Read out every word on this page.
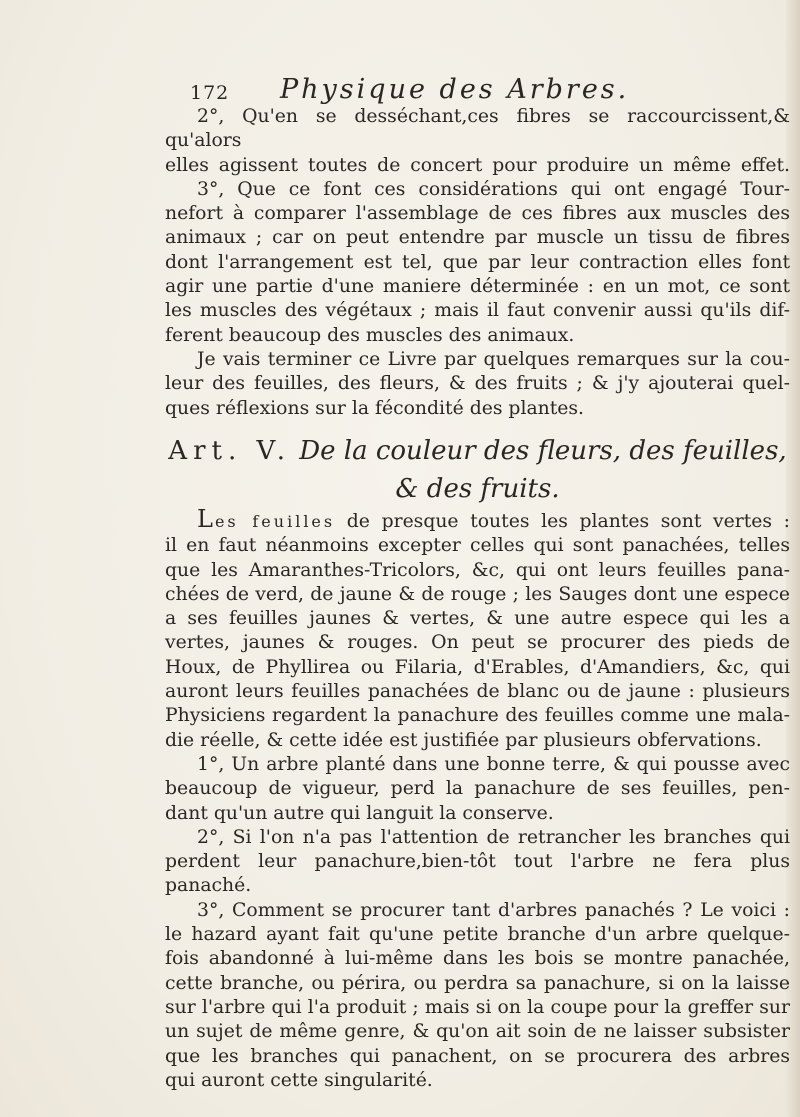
172 Physique des Arbres.

2°, Qu'en se desséchant,ces fibres se raccourcissent,& qu'alors

elles agissent toutes de concert pour produire un même effet.

3°, Que ce font ces considérations qui ont engagé Tour-

nefort à comparer l'assemblage de ces fibres aux muscles des

animaux ; car on peut entendre par muscle un tissu de fibres

dont l'arrangement est tel, que par leur contraction elles font

agir une partie d'une maniere déterminée : en un mot, ce sont

les muscles des végétaux ; mais il faut convenir aussi qu'ils dif-

ferent beaucoup des muscles des animaux.

Je vais terminer ce Livre par quelques remarques sur la cou-

leur des feuilles, des fleurs, & des fruits ; & j'y ajouterai quel-

ques réflexions sur la fécondité des plantes.

Art. V. De la couleur des fleurs, des feuilles,
& des fruits.

Les feuilles de presque toutes les plantes sont vertes :

il en faut néanmoins excepter celles qui sont panachées, telles

que les Amaranthes-Tricolors, &c, qui ont leurs feuilles pana-

chées de verd, de jaune & de rouge ; les Sauges dont une espece

a ses feuilles jaunes & vertes, & une autre espece qui les a

vertes, jaunes & rouges. On peut se procurer des pieds de

Houx, de Phyllirea ou Filaria, d'Erables, d'Amandiers, &c, qui

auront leurs feuilles panachées de blanc ou de jaune : plusieurs

Physiciens regardent la panachure des feuilles comme une mala-

die réelle, & cette idée est justifiée par plusieurs obfervations.

1°, Un arbre planté dans une bonne terre, & qui pousse avec

beaucoup de vigueur, perd la panachure de ses feuilles, pen-

dant qu'un autre qui languit la conserve.

2°, Si l'on n'a pas l'attention de retrancher les branches qui

perdent leur panachure,bien-tôt tout l'arbre ne fera plus panaché.

3°, Comment se procurer tant d'arbres panachés ? Le voici :

le hazard ayant fait qu'une petite branche d'un arbre quelque-

fois abandonné à lui-même dans les bois se montre panachée,

cette branche, ou périra, ou perdra sa panachure, si on la laisse

sur l'arbre qui l'a produit ; mais si on la coupe pour la greffer sur

un sujet de même genre, & qu'on ait soin de ne laisser subsister

que les branches qui panachent, on se procurera des arbres

qui auront cette singularité.
